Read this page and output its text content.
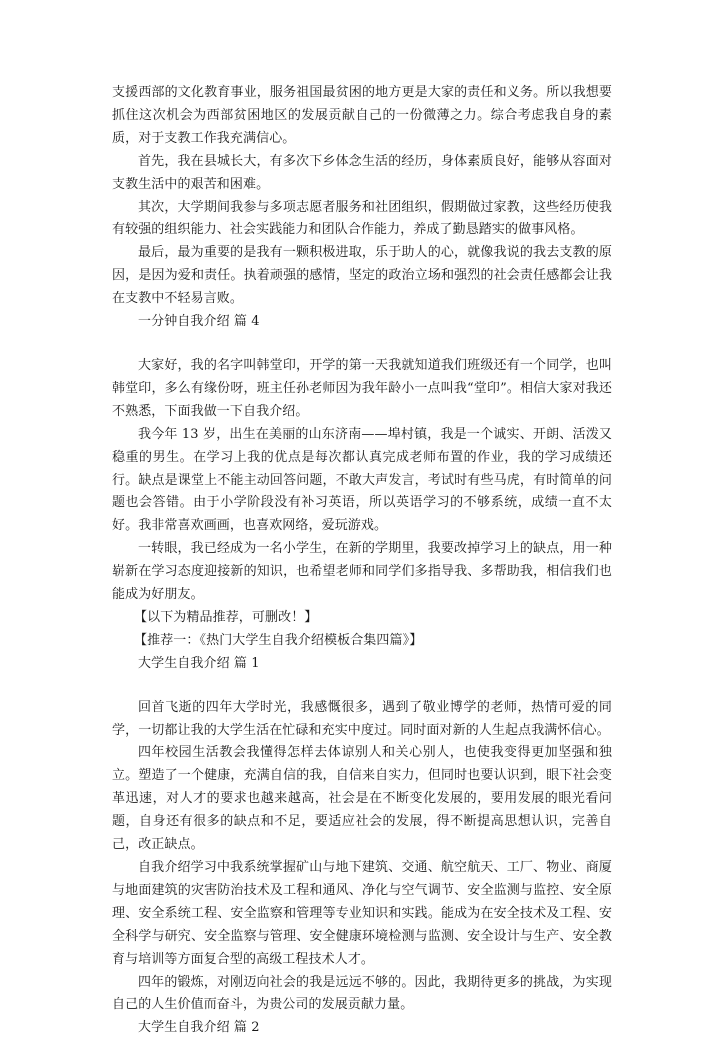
支援西部的文化教育事业，服务祖国最贫困的地方更是大家的责任和义务。所以我想要抓住这次机会为西部贫困地区的发展贡献自己的一份微薄之力。综合考虑我自身的素质，对于支教工作我充满信心。

首先，我在县城长大，有多次下乡体念生活的经历，身体素质良好，能够从容面对支教生活中的艰苦和困难。

其次，大学期间我参与多项志愿者服务和社团组织，假期做过家教，这些经历使我有较强的组织能力、社会实践能力和团队合作能力，养成了勤恳踏实的做事风格。

最后，最为重要的是我有一颗积极进取，乐于助人的心，就像我说的我去支教的原因，是因为爱和责任。执着顽强的感情，坚定的政治立场和强烈的社会责任感都会让我在支教中不轻易言败。

一分钟自我介绍 篇 4

大家好，我的名字叫韩堂印，开学的第一天我就知道我们班级还有一个同学，也叫韩堂印，多么有缘份呀，班主任孙老师因为我年龄小一点叫我“堂印”。相信大家对我还不熟悉，下面我做一下自我介绍。

我今年 13 岁，出生在美丽的山东济南——埠村镇，我是一个诚实、开朗、活泼又稳重的男生。在学习上我的优点是每次都认真完成老师布置的作业，我的学习成绩还行。缺点是课堂上不能主动回答问题，不敢大声发言，考试时有些马虎，有时简单的问题也会答错。由于小学阶段没有补习英语，所以英语学习的不够系统，成绩一直不太好。我非常喜欢画画，也喜欢网络，爱玩游戏。

一转眼，我已经成为一名小学生，在新的学期里，我要改掉学习上的缺点，用一种崭新在学习态度迎接新的知识，也希望老师和同学们多指导我、多帮助我，相信我们也能成为好朋友。

【以下为精品推荐，可删改！】

【推荐一：《热门大学生自我介绍模板合集四篇》】

大学生自我介绍 篇 1

回首飞逝的四年大学时光，我感慨很多，遇到了敬业博学的老师，热情可爱的同学，一切都让我的大学生活在忙碌和充实中度过。同时面对新的人生起点我满怀信心。

四年校园生活教会我懂得怎样去体谅别人和关心别人，也使我变得更加坚强和独立。塑造了一个健康，充满自信的我，自信来自实力，但同时也要认识到，眼下社会变革迅速，对人才的要求也越来越高，社会是在不断变化发展的，要用发展的眼光看问题，自身还有很多的缺点和不足，要适应社会的发展，得不断提高思想认识，完善自己，改正缺点。

自我介绍学习中我系统掌握矿山与地下建筑、交通、航空航天、工厂、物业、商厦与地面建筑的灾害防治技术及工程和通风、净化与空气调节、安全监测与监控、安全原理、安全系统工程、安全监察和管理等专业知识和实践。能成为在安全技术及工程、安全科学与研究、安全监察与管理、安全健康环境检测与监测、安全设计与生产、安全教育与培训等方面复合型的高级工程技术人才。

四年的锻炼，对刚迈向社会的我是远远不够的。因此，我期待更多的挑战，为实现自己的人生价值而奋斗，为贵公司的发展贡献力量。

大学生自我介绍 篇 2
